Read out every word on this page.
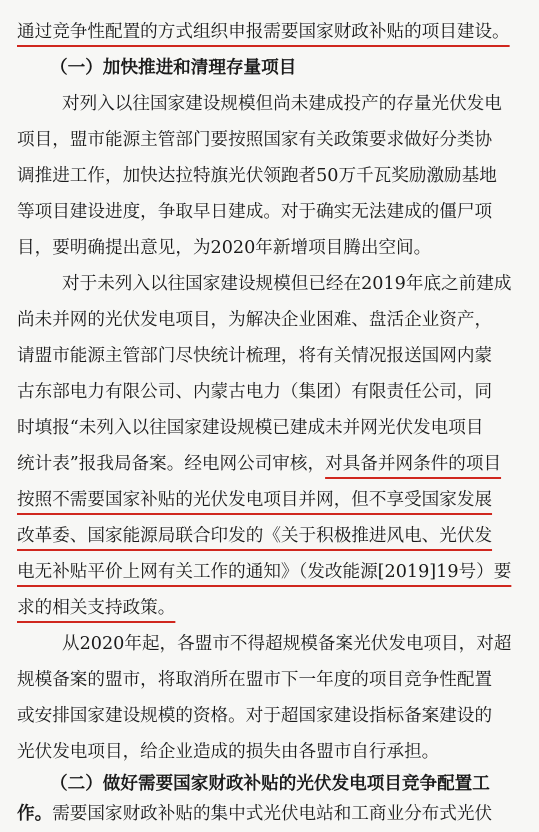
通过竞争性配置的方式组织申报需要国家财政补贴的项目建设。
（一）加快推进和清理存量项目
对列入以往国家建设规模但尚未建成投产的存量光伏发电
项目，盟市能源主管部门要按照国家有关政策要求做好分类协
调推进工作，加快达拉特旗光伏领跑者50万千瓦奖励激励基地
等项目建设进度，争取早日建成。对于确实无法建成的僵尸项
目，要明确提出意见，为2020年新增项目腾出空间。
对于未列入以往国家建设规模但已经在2019年底之前建成
尚未并网的光伏发电项目，为解决企业困难、盘活企业资产，
请盟市能源主管部门尽快统计梳理，将有关情况报送国网内蒙
古东部电力有限公司、内蒙古电力（集团）有限责任公司，同
时填报“未列入以往国家建设规模已建成未并网光伏发电项目
统计表”报我局备案。经电网公司审核，对具备并网条件的项目
按照不需要国家补贴的光伏发电项目并网，但不享受国家发展
改革委、国家能源局联合印发的《关于积极推进风电、光伏发
电无补贴平价上网有关工作的通知》（发改能源[2019]19号）要
求的相关支持政策。
从2020年起，各盟市不得超规模备案光伏发电项目，对超
规模备案的盟市，将取消所在盟市下一年度的项目竞争性配置
或安排国家建设规模的资格。对于超国家建设指标备案建设的
光伏发电项目，给企业造成的损失由各盟市自行承担。
（二）做好需要国家财政补贴的光伏发电项目竞争配置工
作。需要国家财政补贴的集中式光伏电站和工商业分布式光伏
